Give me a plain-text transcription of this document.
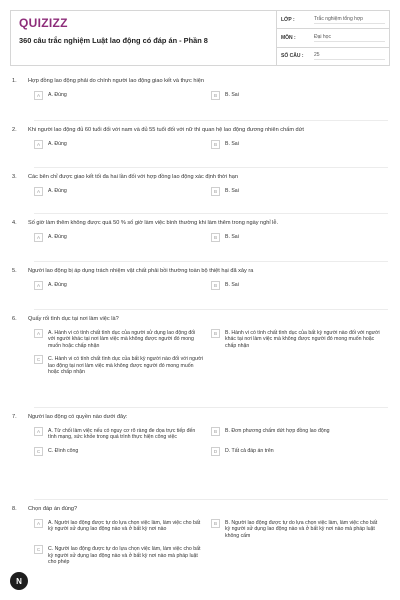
QUIZIZZ
360 câu trắc nghiệm Luật lao động có đáp án - Phần 8
LỚP :	Trắc nghiệm tổng hợp
MÔN :	Đại học
SỐ CÂU :	25
1.	Hợp đồng lao động phải do chính người lao động giao kết và thực hiện
A	A. Đúng	B	B. Sai
2.	Khi người lao động đủ 60 tuổi đối với nam và đủ 55 tuổi đối với nữ thì quan hệ lao động đương nhiên chấm dứt
A	A. Đúng	B	B. Sai
3.	Các bên chỉ được giao kết tối đa hai lần đối với hợp đồng lao động xác định thời hạn
A	A. Đúng	B	B. Sai
4.	Số giờ làm thêm không được quá 50 % số giờ làm việc bình thường khi làm thêm trong ngày nghỉ lễ.
A	A. Đúng	B	B. Sai
5.	Người lao động bị áp dụng trách nhiệm vật chất phải bồi thường toàn bộ thiệt hại đã xảy ra
A	A. Đúng	B	B. Sai
6.	Quấy rối tình dục tại nơi làm việc là?
A	A. Hành vi có tính chất tình dục của người sử dụng lao động đối với người khác tại nơi làm việc mà không được người đó mong muốn hoặc chấp nhận
B	B. Hành vi có tính chất tình dục của bất kỳ người nào đối với người khác tại nơi làm việc mà không được người đó mong muốn hoặc chấp nhận
C	C. Hành vi có tính chất tình dục của bất kỳ người nào đối với người lao động tại nơi làm việc mà không được người đó mong muốn hoặc chấp nhận
7.	Người lao động có quyền nào dưới đây:
A	A. Từ chối làm việc nếu có nguy cơ rõ ràng đe dọa trực tiếp đến tính mạng, sức khỏe trong quá trình thực hiện công việc
B	B. Đơn phương chấm dứt hợp đồng lao động
C	C. Đình công	D	D. Tất cả đáp án trên
8.	Chọn đáp án đúng?
A	A. Người lao động được tự do lựa chọn việc làm, làm việc cho bất kỳ người sử dụng lao động nào và ở bất kỳ nơi nào
B	B. Người lao động được tự do lựa chọn việc làm, làm việc cho bất kỳ người sử dụng lao động nào và ở bất kỳ nơi nào mà pháp luật không cấm
C	C. Người lao động được tự do lựa chọn việc làm, làm việc cho bất kỳ người sử dụng lao động nào và ở bất kỳ nơi nào mà pháp luật cho phép
N
